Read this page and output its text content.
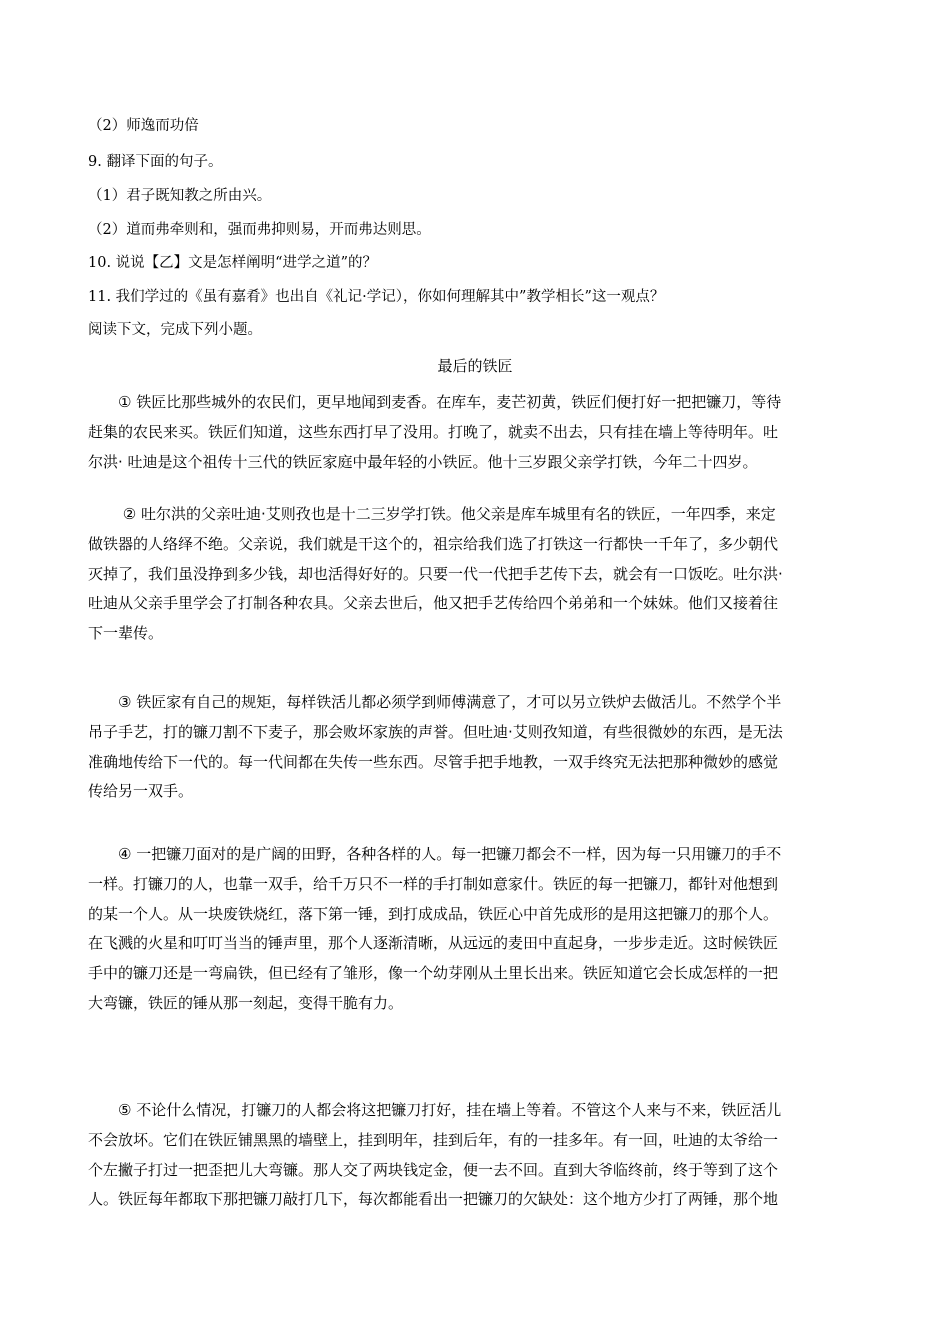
（2）师逸而功倍
9. 翻译下面的句子。
（1）君子既知教之所由兴。
（2）道而弗牵则和，强而弗抑则易，开而弗达则思。
10. 说说【乙】文是怎样阐明“进学之道”的？
11. 我们学过的《虽有嘉肴》也出自《礼记·学记），你如何理解其中”教学相长”这一观点？
阅读下文，完成下列小题。
最后的铁匠
　　① 铁匠比那些城外的农民们，更早地闻到麦香。在库车，麦芒初黄，铁匠们便打好一把把镰刀，等待
赶集的农民来买。铁匠们知道，这些东西打早了没用。打晚了，就卖不出去，只有挂在墙上等待明年。吐
尔洪· 吐迪是这个祖传十三代的铁匠家庭中最年轻的小铁匠。他十三岁跟父亲学打铁，今年二十四岁。
　　 ② 吐尔洪的父亲吐迪·艾则孜也是十二三岁学打铁。他父亲是库车城里有名的铁匠，一年四季，来定
做铁器的人络绎不绝。父亲说，我们就是干这个的，祖宗给我们选了打铁这一行都快一千年了，多少朝代
灭掉了，我们虽没挣到多少钱，却也活得好好的。只要一代一代把手艺传下去，就会有一口饭吃。吐尔洪·
吐迪从父亲手里学会了打制各种农具。父亲去世后，他又把手艺传给四个弟弟和一个妹妹。他们又接着往
下一辈传。
　　③ 铁匠家有自己的规矩，每样铁活儿都必须学到师傅满意了，才可以另立铁炉去做活儿。不然学个半
吊子手艺，打的镰刀割不下麦子，那会败坏家族的声誉。但吐迪·艾则孜知道，有些很微妙的东西，是无法
准确地传给下一代的。每一代间都在失传一些东西。尽管手把手地教，一双手终究无法把那种微妙的感觉
传给另一双手。
　　④ 一把镰刀面对的是广阔的田野，各种各样的人。每一把镰刀都会不一样，因为每一只用镰刀的手不
一样。打镰刀的人，也靠一双手，给千万只不一样的手打制如意家什。铁匠的每一把镰刀，都针对他想到
的某一个人。从一块废铁烧红，落下第一锤，到打成成品，铁匠心中首先成形的是用这把镰刀的那个人。
在飞溅的火星和叮叮当当的锤声里，那个人逐渐清晰，从远远的麦田中直起身，一步步走近。这时候铁匠
手中的镰刀还是一弯扁铁，但已经有了雏形，像一个幼芽刚从土里长出来。铁匠知道它会长成怎样的一把
大弯镰，铁匠的锤从那一刻起，变得干脆有力。
　　⑤ 不论什么情况，打镰刀的人都会将这把镰刀打好，挂在墙上等着。不管这个人来与不来，铁匠活儿
不会放坏。它们在铁匠铺黑黑的墙壁上，挂到明年，挂到后年，有的一挂多年。有一回，吐迪的太爷给一
个左撇子打过一把歪把儿大弯镰。那人交了两块钱定金，便一去不回。直到大爷临终前，终于等到了这个
人。铁匠每年都取下那把镰刀敲打几下，每次都能看出一把镰刀的欠缺处：这个地方少打了两锤，那个地
